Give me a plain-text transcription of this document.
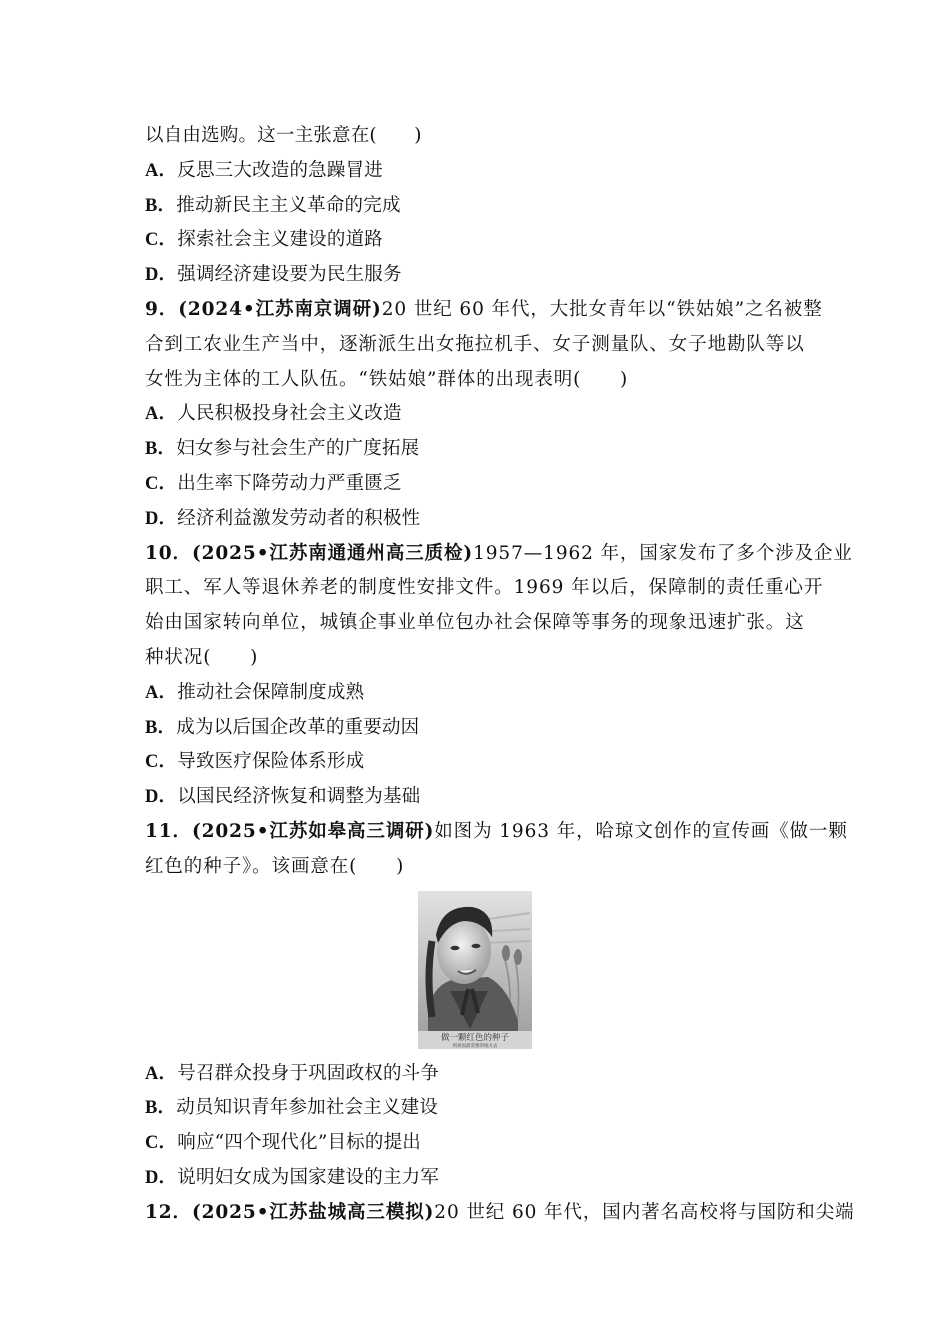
以自由选购。这一主张意在(　　)
A．反思三大改造的急躁冒进
B．推动新民主主义革命的完成
C．探索社会主义建设的道路
D．强调经济建设要为民生服务
9．(2024•江苏南京调研)20 世纪 60 年代，大批女青年以“铁姑娘”之名被整
合到工农业生产当中，逐渐派生出女拖拉机手、女子测量队、女子地勘队等以
女性为主体的工人队伍。“铁姑娘”群体的出现表明(　　)
A．人民积极投身社会主义改造
B．妇女参与社会生产的广度拓展
C．出生率下降劳动力严重匮乏
D．经济利益激发劳动者的积极性
10．(2025•江苏南通通州高三质检)1957—1962 年，国家发布了多个涉及企业
职工、军人等退休养老的制度性安排文件。1969 年以后，保障制的责任重心开
始由国家转向单位，城镇企事业单位包办社会保障等事务的现象迅速扩张。这
种状况(　　)
A．推动社会保障制度成熟
B．成为以后国企改革的重要动因
C．导致医疗保险体系形成
D．以国民经济恢复和调整为基础
11．(2025•江苏如皋高三调研)如图为 1963 年，哈琼文创作的宣传画《做一颗
红色的种子》。该画意在(　　)
做一颗红色的种子
到祖国最需要的地方去
A．号召群众投身于巩固政权的斗争
B．动员知识青年参加社会主义建设
C．响应“四个现代化”目标的提出
D．说明妇女成为国家建设的主力军
12．(2025•江苏盐城高三模拟)20 世纪 60 年代，国内著名高校将与国防和尖端
